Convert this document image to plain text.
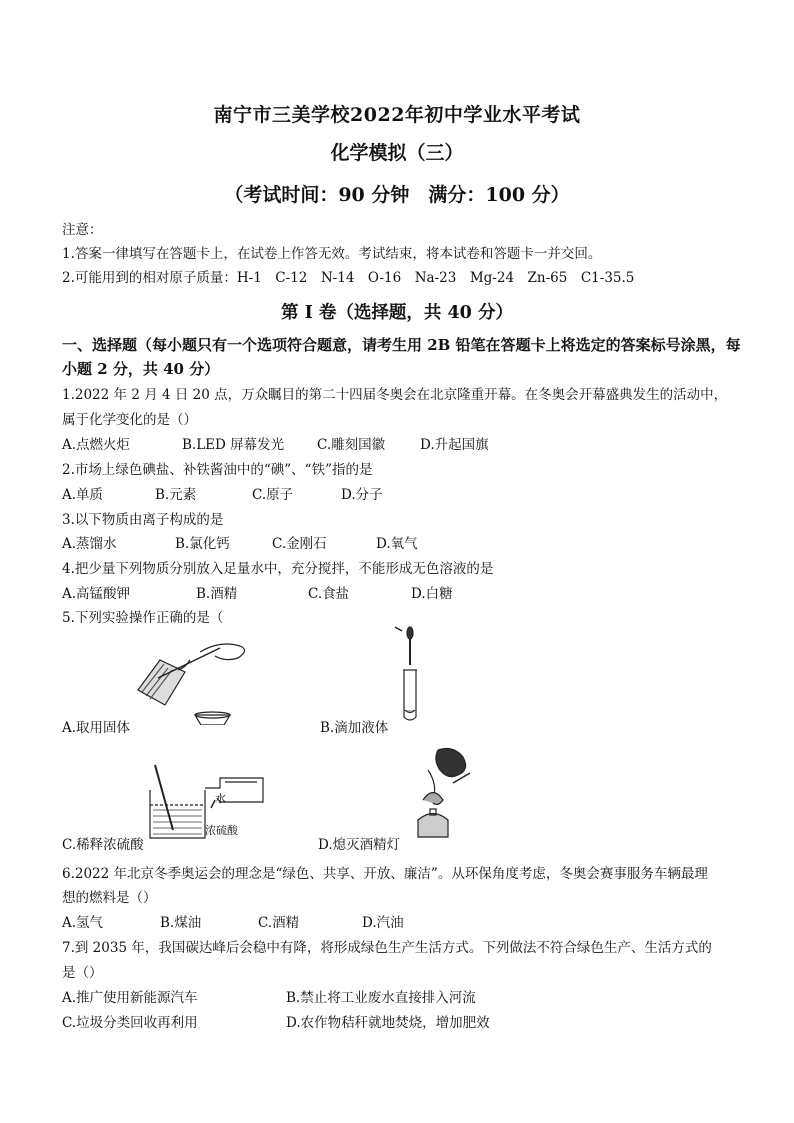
南宁市三美学校2022年初中学业水平考试
化学模拟（三）
（考试时间：90 分钟　满分：100 分）
注意：
1.答案一律填写在答题卡上，在试卷上作答无效。考试结束，将本试卷和答题卡一并交回。
2.可能用到的相对原子质量：H-1　C-12　N-14　O-16　Na-23　Mg-24　Zn-65　C1-35.5
第 I 卷（选择题，共 40 分）
一、选择题（每小题只有一个选项符合题意，请考生用 2B 铅笔在答题卡上将选定的答案标号涂黑，每小题 2 分，共 40 分）
1.2022 年 2 月 4 日 20 点，万众瞩目的第二十四届冬奥会在北京隆重开幕。在冬奥会开幕盛典发生的活动中，
属于化学变化的是（）
A.点燃火炬	B.LED 屏幕发光 C.雕刻国徽	D.升起国旗
2.市场上绿色碘盐、补铁酱油中的“碘”、“铁”指的是
A.单质	B.元素	C.原子	D.分子
3.以下物质由离子构成的是
A.蒸馏水	B.氯化钙	C.金刚石	D.氧气
4.把少量下列物质分别放入足量水中，充分搅拌，不能形成无色溶液的是
A.高锰酸钾	B.酒精	C.食盐	D.白糖
5.下列实验操作正确的是（
A.取用固体	B.滴加液体
水
浓硫酸
C.稀释浓硫酸	D.熄灭酒精灯
6.2022 年北京冬季奥运会的理念是“绿色、共享、开放、廉洁”。从环保角度考虑，冬奥会赛事服务车辆最理
想的燃料是（）
A.氢气	B.煤油	C.酒精	D.汽油
7.到 2035 年，我国碳达峰后会稳中有降，将形成绿色生产生活方式。下列做法不符合绿色生产、生活方式的
是（）
A.推广使用新能源汽车	B.禁止将工业废水直接排入河流
C.垃圾分类回收再利用	D.农作物秸秆就地焚烧，增加肥效
